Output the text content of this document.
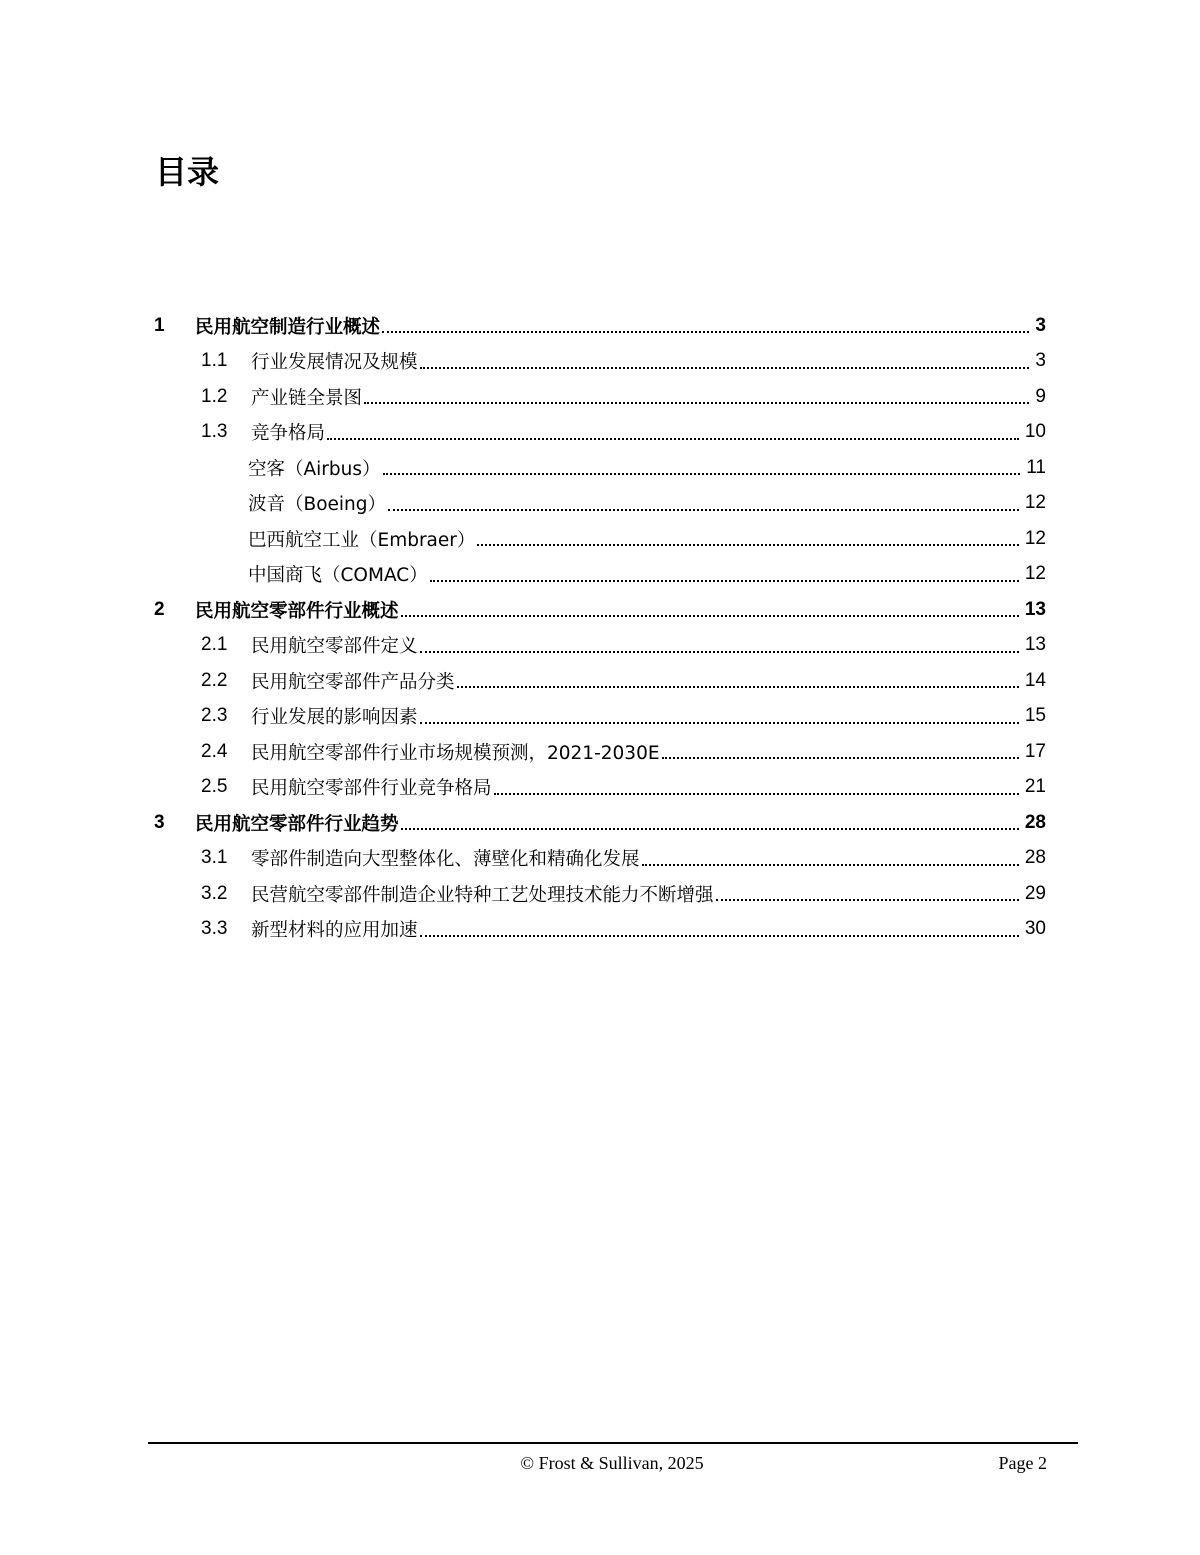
目录
1	民用航空制造行业概述	3
1.1	行业发展情况及规模	3
1.2	产业链全景图	9
1.3	竞争格局	10
空客（Airbus）	11
波音（Boeing）	12
巴西航空工业（Embraer）	12
中国商飞（COMAC）	12
2	民用航空零部件行业概述	13
2.1	民用航空零部件定义	13
2.2	民用航空零部件产品分类	14
2.3	行业发展的影响因素	15
2.4	民用航空零部件行业市场规模预测，2021-2030E	17
2.5	民用航空零部件行业竞争格局	21
3	民用航空零部件行业趋势	28
3.1	零部件制造向大型整体化、薄壁化和精确化发展	28
3.2	民营航空零部件制造企业特种工艺处理技术能力不断增强	29
3.3	新型材料的应用加速	30
© Frost & Sullivan, 2025	Page 2
